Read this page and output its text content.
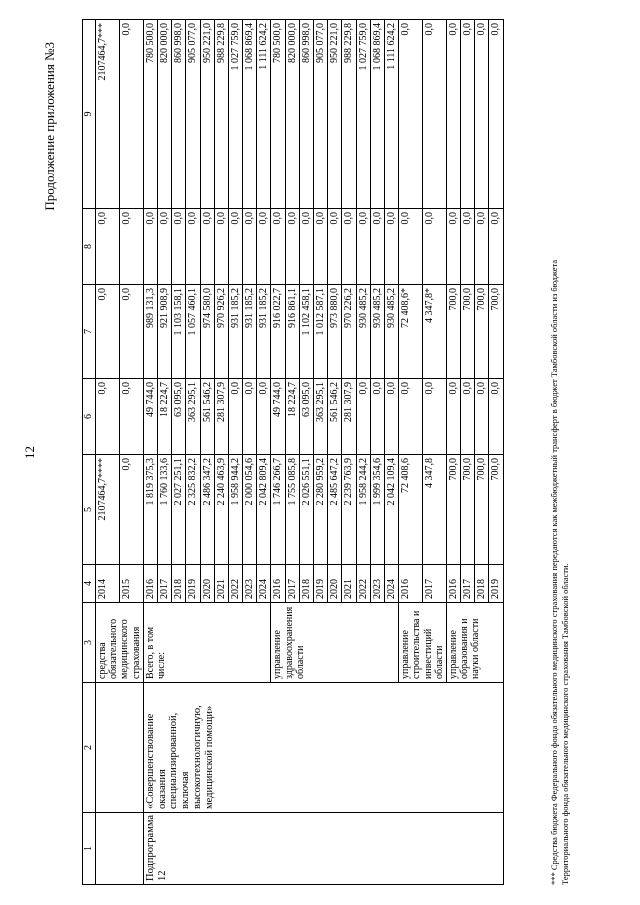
12
Продолжение приложения №3
1	2	3	4	5	6	7	8	9
		средства обязательного медицинского страхования	2014	2107464,7****	0,0	0,0	0,0	2107464,7***
			2015	0,0	0,0	0,0	0,0	0,0
Подпрограмма 12	«Совершенствование оказания специализированной, включая высокотехнологичную, медицинской помощи»	Всего, в том числе:	2016	1 819 375,3	49 744,0	989 131,3	0,0	780 500,0
			2017	1 760 133,6	18 224,7	921 908,9	0,0	820 000,0
			2018	2 027 251,1	63 095,0	1 103 158,1	0,0	860 998,0
			2019	2 325 832,2	363 295,1	1 057 460,1	0,0	905 077,0
			2020	2 486 347,2	561 546,2	974 580,0	0,0	950 221,0
			2021	2 240 463,9	281 307,9	970 926,2	0,0	988 229,8
			2022	1 958 944,2	0,0	931 185,2	0,0	1 027 759,0
			2023	2 000 054,6	0,0	931 185,2	0,0	1 068 869,4
			2024	2 042 809,4	0,0	931 185,2	0,0	1 111 624,2
		управление здравоохранения области	2016	1 746 266,7	49 744,0	916 022,7	0,0	780 500,0
			2017	1 755 085,8	18 224,7	916 861,1	0,0	820 000,0
			2018	2 026 551,1	63 095,0	1 102 458,1	0,0	860 998,0
			2019	2 280 959,2	363 295,1	1 012 587,1	0,0	905 077,0
			2020	2 485 647,2	561 546,2	973 880,0	0,0	950 221,0
			2021	2 239 763,9	281 307,9	970 226,2	0,0	988 229,8
			2022	1 958 244,2	0,0	930 485,2	0,0	1 027 759,0
			2023	1 999 354,6	0,0	930 485,2	0,0	1 068 869,4
			2024	2 042 109,4	0,0	930 485,2	0,0	1 111 624,2
		управление строительства и инвестиций области	2016	72 408,6	0,0	72 408,6*	0,0	0,0
			2017	4 347,8	0,0	4 347,8*	0,0	0,0
		управление образования и науки области	2016	700,0	0,0	700,0	0,0	0,0
			2017	700,0	0,0	700,0	0,0	0,0
			2018	700,0	0,0	700,0	0,0	0,0
			2019	700,0	0,0	700,0	0,0	0,0
*** Средства бюджета Федерального фонда обязательного медицинского страхования передаются как межбюджетный трансферт в бюджет Тамбовской области из бюджета Территориального фонда обязательного медицинского страхования Тамбовской области.
